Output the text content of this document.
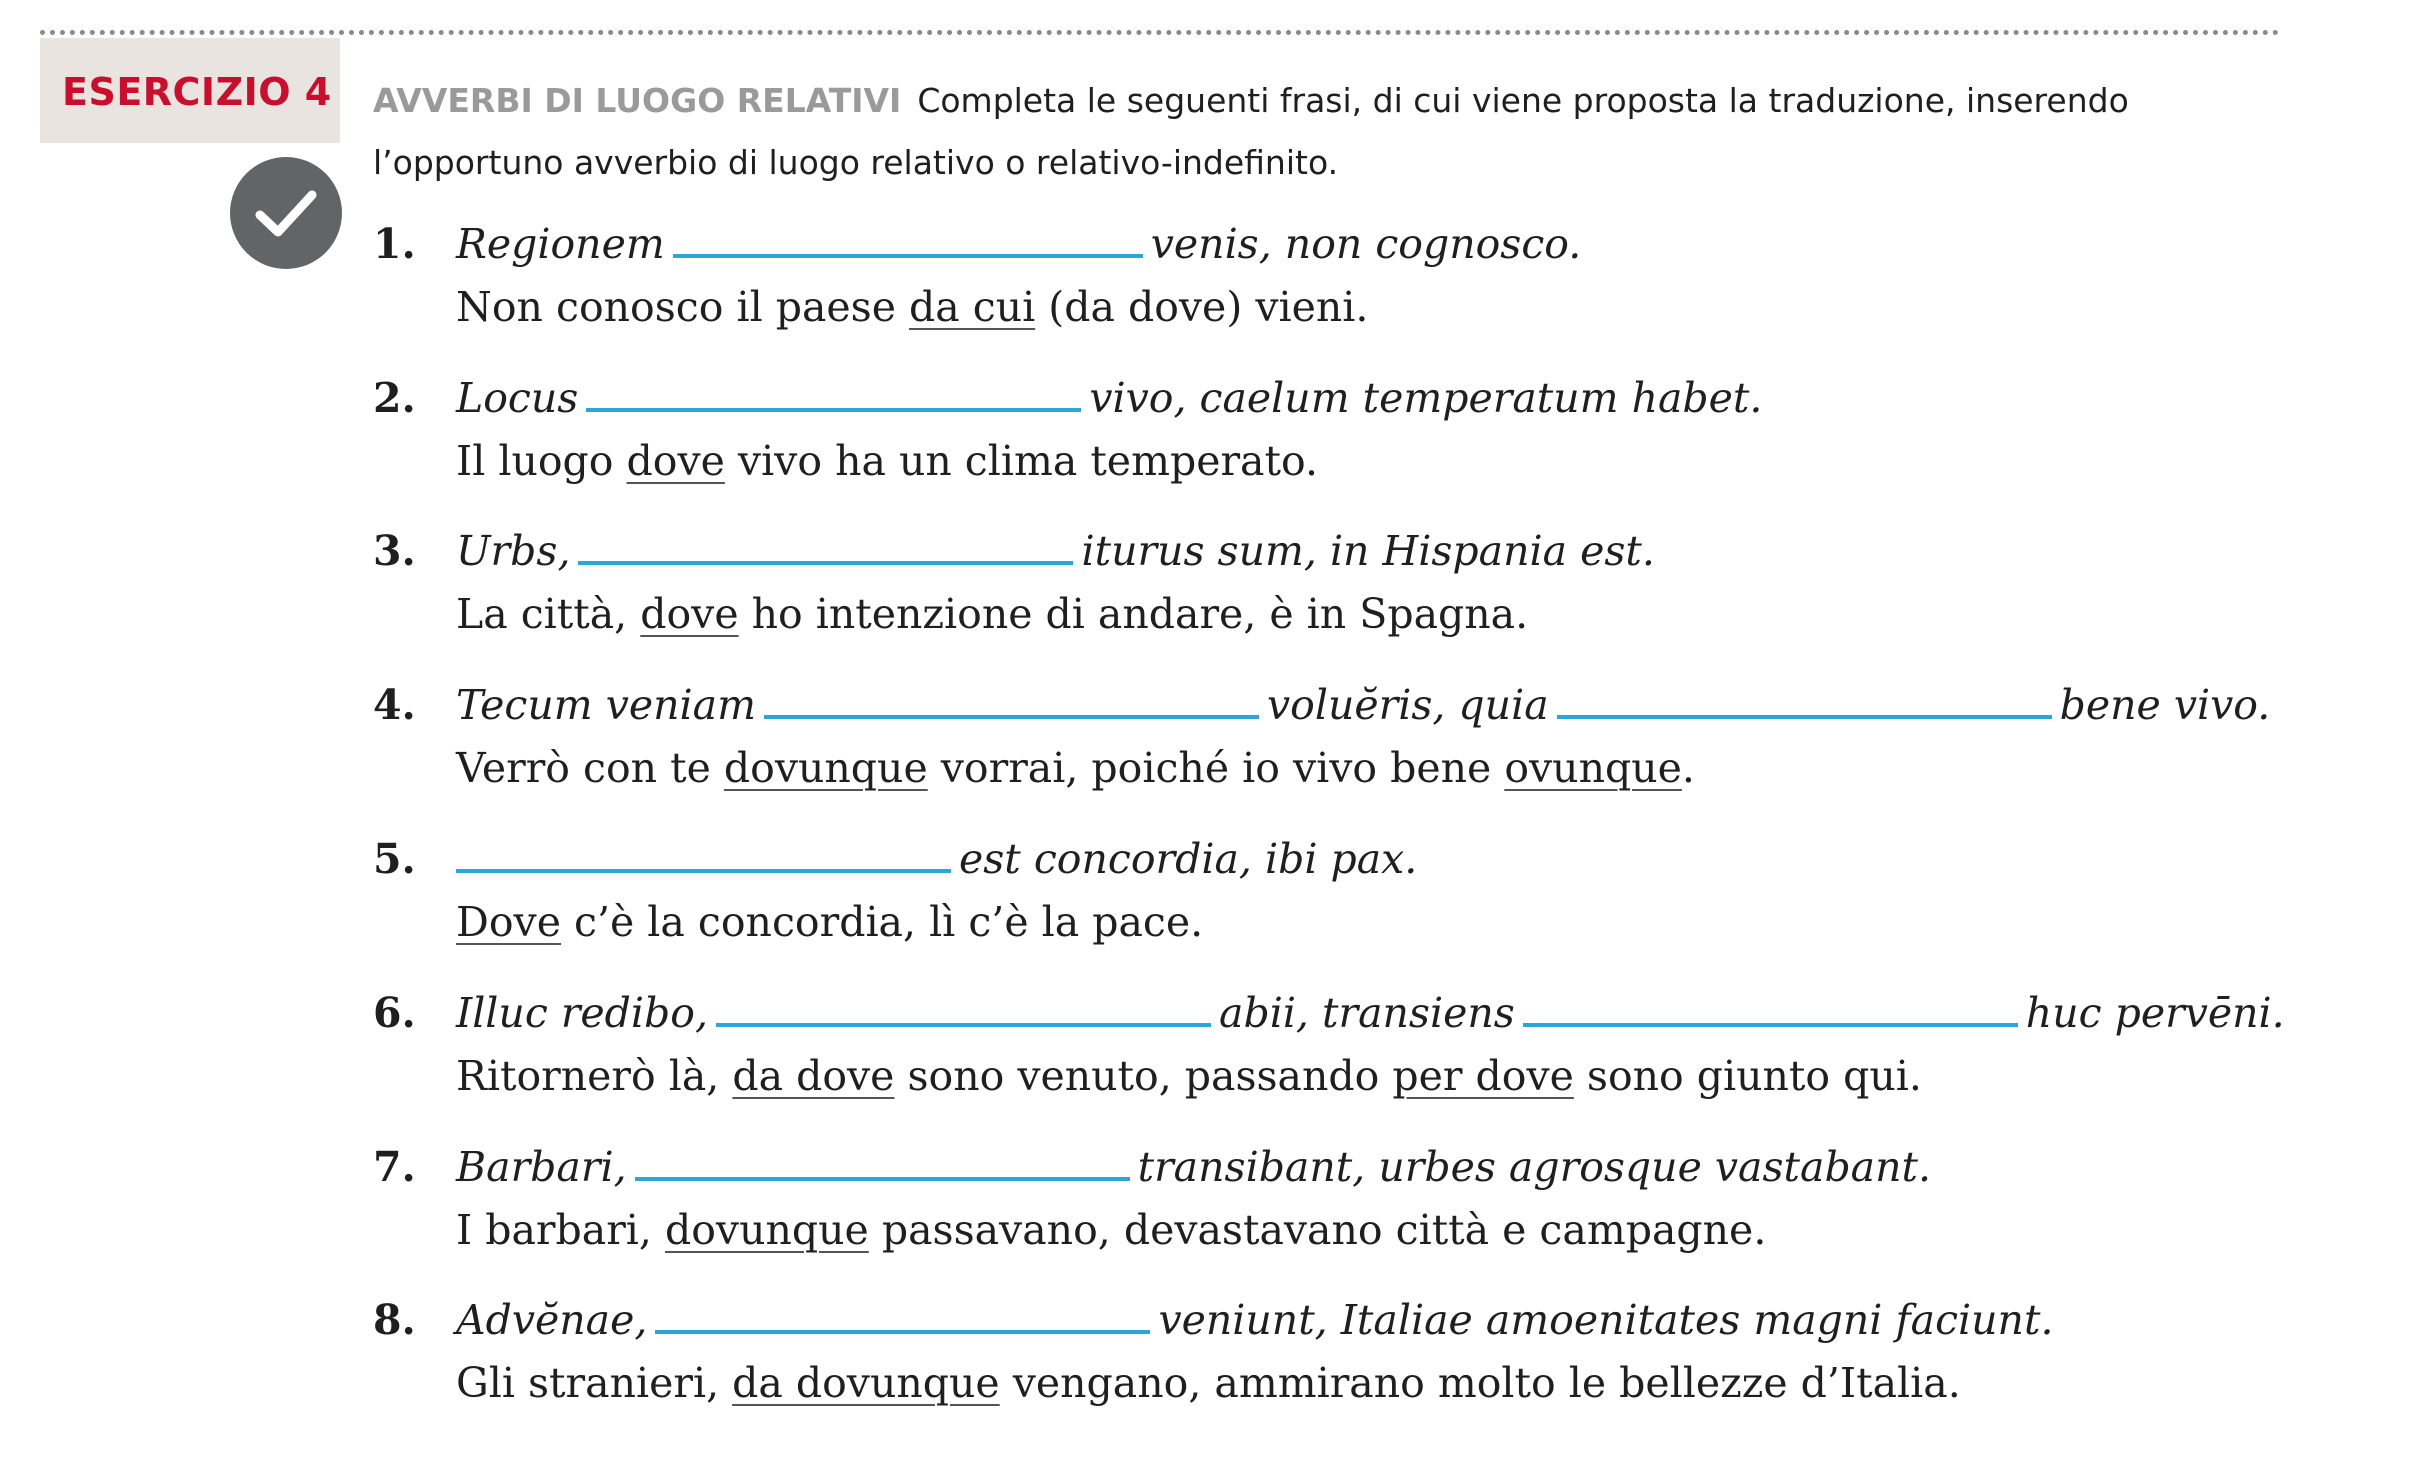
ESERCIZIO 4 AVVERBI DI LUOGO RELATIVI Completa le seguenti frasi, di cui viene proposta la traduzione, inserendo l’opportuno avverbio di luogo relativo o relativo-indefinito.
1. Regionem	venis, non cognosco.
Non conosco il paese da cui (da dove) vieni.
2. Locus	vivo, caelum temperatum habet.
Il luogo dove vivo ha un clima temperato.
3. Urbs,	iturus sum, in Hispania est.
La città, dove ho intenzione di andare, è in Spagna.
4. Tecum veniam	voluĕris, quia	bene vivo.
Verrò con te dovunque vorrai, poiché io vivo bene ovunque.
5.	est concordia, ibi pax.
Dove c’è la concordia, lì c’è la pace.
6. Illuc redibo,	abii, transiens	huc pervēni.
Ritornerò là, da dove sono venuto, passando per dove sono giunto qui.
7. Barbari,	transibant, urbes agrosque vastabant.
I barbari, dovunque passavano, devastavano città e campagne.
8. Advĕnae,	veniunt, Italiae amoenitates magni faciunt.
Gli stranieri, da dovunque vengano, ammirano molto le bellezze d’Italia.
